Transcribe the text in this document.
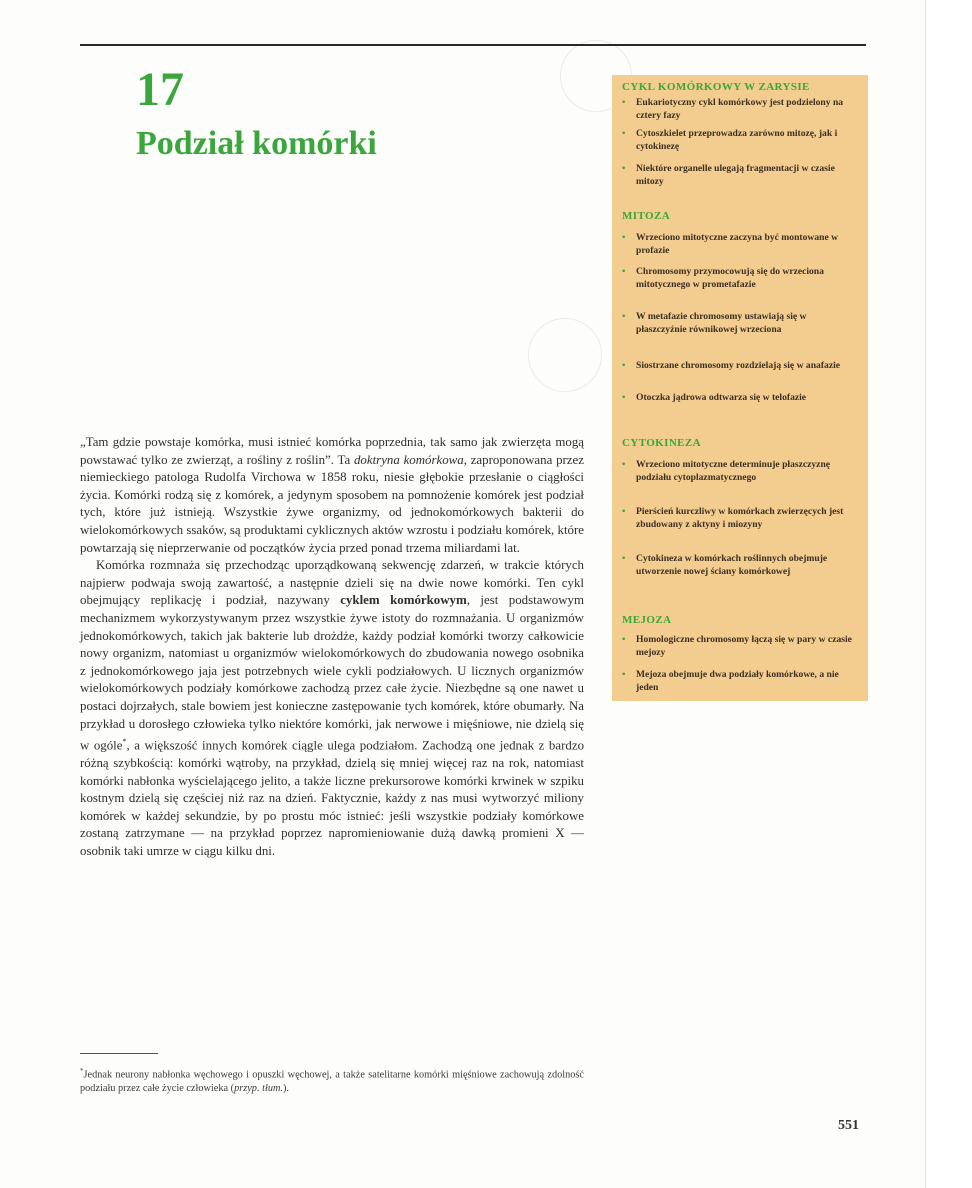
17
Podział komórki
CYKL KOMÓRKOWY W ZARYSIE
• Eukariotyczny cykl komórkowy jest podzielony na cztery fazy
• Cytoszkielet przeprowadza zarówno mitozę, jak i cytokinezę
• Niektóre organelle ulegają fragmentacji w czasie mitozy
MITOZA
• Wrzeciono mitotyczne zaczyna być montowane w profazie
• Chromosomy przymocowują się do wrzeciona mitotycznego w prometafazie
• W metafazie chromosomy ustawiają się w płaszczyźnie równikowej wrzeciona
• Siostrzane chromosomy rozdzielają się w anafazie
• Otoczka jądrowa odtwarza się w telofazie
CYTOKINEZA
• Wrzeciono mitotyczne determinuje płaszczyznę podziału cytoplazmatycznego
• Pierścień kurczliwy w komórkach zwierzęcych jest zbudowany z aktyny i miozyny
• Cytokineza w komórkach roślinnych obejmuje utworzenie nowej ściany komórkowej
MEJOZA
• Homologiczne chromosomy łączą się w pary w czasie mejozy
• Mejoza obejmuje dwa podziały komórkowe, a nie jeden

„Tam gdzie powstaje komórka, musi istnieć komórka poprzednia, tak samo jak zwierzęta mogą powstawać tylko ze zwierząt, a rośliny z roślin”. Ta doktryna komórkowa, zaproponowana przez niemieckiego patologa Rudolfa Virchowa w 1858 roku, niesie głębokie przesłanie o ciągłości życia. Komórki rodzą się z komórek, a jedynym sposobem na pomnożenie komórek jest podział tych, które już istnieją. Wszystkie żywe organizmy, od jednokomórkowych bakterii do wielokomórkowych ssaków, są produktami cyklicznych aktów wzrostu i podziału komórek, które powtarzają się nieprzerwanie od początków życia przed ponad trzema miliardami lat.

Komórka rozmnaża się przechodząc uporządkowaną sekwencję zdarzeń, w trakcie których najpierw podwaja swoją zawartość, a następnie dzieli się na dwie nowe komórki. Ten cykl obejmujący replikację i podział, nazywany cyklem komórkowym, jest podstawowym mechanizmem wykorzystywanym przez wszystkie żywe istoty do rozmnażania. U organizmów jednokomórkowych, takich jak bakterie lub drożdże, każdy podział komórki tworzy całkowicie nowy organizm, natomiast u organizmów wielokomórkowych do zbudowania nowego osobnika z jednokomórkowego jaja jest potrzebnych wiele cykli podziałowych. U licznych organizmów wielokomórkowych podziały komórkowe zachodzą przez całe życie. Niezbędne są one nawet u postaci dojrzałych, stale bowiem jest konieczne zastępowanie tych komórek, które obumarły. Na przykład u dorosłego człowieka tylko niektóre komórki, jak nerwowe i mięśniowe, nie dzielą się w ogóle*, a większość innych komórek ciągle ulega podziałom. Zachodzą one jednak z bardzo różną szybkością: komórki wątroby, na przykład, dzielą się mniej więcej raz na rok, natomiast komórki nabłonka wyścielającego jelito, a także liczne prekursorowe komórki krwinek w szpiku kostnym dzielą się częściej niż raz na dzień. Faktycznie, każdy z nas musi wytworzyć miliony komórek w każdej sekundzie, by po prostu móc istnieć: jeśli wszystkie podziały komórkowe zostaną zatrzymane — na przykład poprzez napromieniowanie dużą dawką promieni X — osobnik taki umrze w ciągu kilku dni.

*Jednak neurony nabłonka węchowego i opuszki węchowej, a także satelitarne komórki mięśniowe zachowują zdolność podziału przez całe życie człowieka (przyp. tłum.).
551
